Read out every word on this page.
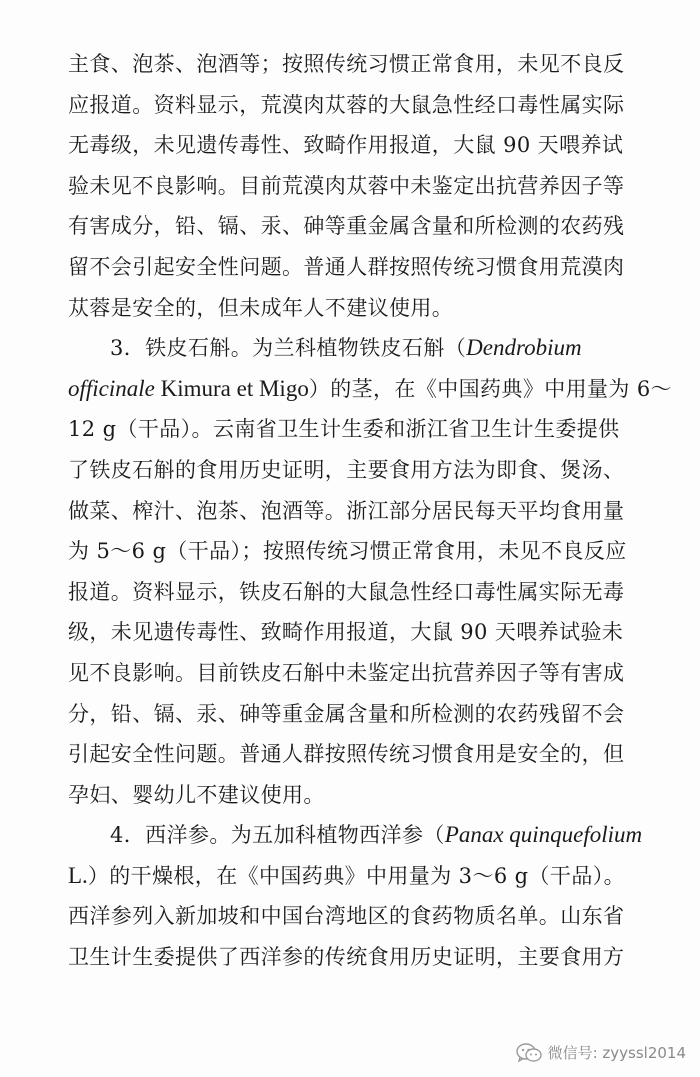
主食、泡茶、泡酒等；按照传统习惯正常食用，未见不良反
应报道。资料显示，荒漠肉苁蓉的大鼠急性经口毒性属实际
无毒级，未见遗传毒性、致畸作用报道，大鼠 90 天喂养试
验未见不良影响。目前荒漠肉苁蓉中未鉴定出抗营养因子等
有害成分，铅、镉、汞、砷等重金属含量和所检测的农药残
留不会引起安全性问题。普通人群按照传统习惯食用荒漠肉
苁蓉是安全的，但未成年人不建议使用。
3．铁皮石斛。为兰科植物铁皮石斛（Dendrobium
officinale Kimura et Migo）的茎，在《中国药典》中用量为 6～
12 g（干品）。云南省卫生计生委和浙江省卫生计生委提供
了铁皮石斛的食用历史证明，主要食用方法为即食、煲汤、
做菜、榨汁、泡茶、泡酒等。浙江部分居民每天平均食用量
为 5～6 g（干品）；按照传统习惯正常食用，未见不良反应
报道。资料显示，铁皮石斛的大鼠急性经口毒性属实际无毒
级，未见遗传毒性、致畸作用报道，大鼠 90 天喂养试验未
见不良影响。目前铁皮石斛中未鉴定出抗营养因子等有害成
分，铅、镉、汞、砷等重金属含量和所检测的农药残留不会
引起安全性问题。普通人群按照传统习惯食用是安全的，但
孕妇、婴幼儿不建议使用。
4．西洋参。为五加科植物西洋参（Panax quinquefolium
L.）的干燥根，在《中国药典》中用量为 3～6 g（干品）。
西洋参列入新加坡和中国台湾地区的食药物质名单。山东省
卫生计生委提供了西洋参的传统食用历史证明，主要食用方
微信号: zyyssl2014
